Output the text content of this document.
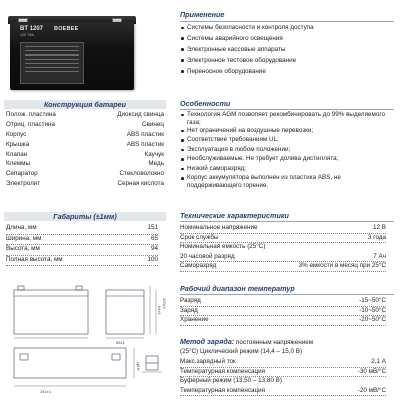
BT 1207
12V 7Ah
BOEBEE
Применение
Системы безопасности и контроля доступа
Системы аварийного освещения
Электронные кассовые аппараты
Электронное тестовое оборудование
Переносное оборудование
Конструкция батареи
Полож. пластина	Диоксид свинца
Отриц. пластина	Свинец
Корпус	ABS пластик
Крышка	ABS пластик
Клапан	Каучук
Клеммы	Медь
Сепаратор	Стекловолокно
Электролит	Серная кислота
Особенности
Технология AGM позволяет рекомбинировать до 99% выделяемого газа;
Нет ограничений на воздушные перевозки;
Соответствие требованиям UL;
Эксплуатация в любом положении;
Необслуживаемые. Не требует долива дистиллята;
Низкий саморазряд;
Корпус аккумулятора выполнен из пластика ABS, не поддерживающего горение.
Габариты (±1мм)
Длина, мм	151
Ширина, мм	65
Высота, мм	94
Полная высота, мм	100
Технические характеристики
Номинальное напряжение	12 В
Срок службы	3 года
Номинальная емкость (25°C)
20 часовой разряд	7 Ач
Саморазряд	3% емкости в месяц при 25°C
Рабочий диапазон температур
Разряд	-15~50°C
Заряд	-10~50°C
Хранение	-20~50°C
Метод заряда: постоянным напряжением
(25°C) Циклический режим (14,4 – 15,0 В)
Макс.зарядный ток	2,1 А
Температурная компенсация	-30 мВ/°C
Буферный режим (13,50 – 13,80 В)
Температурная компенсация	-20 мВ/°C
151±1
65±1
94±1
100±1
ЦЕН
